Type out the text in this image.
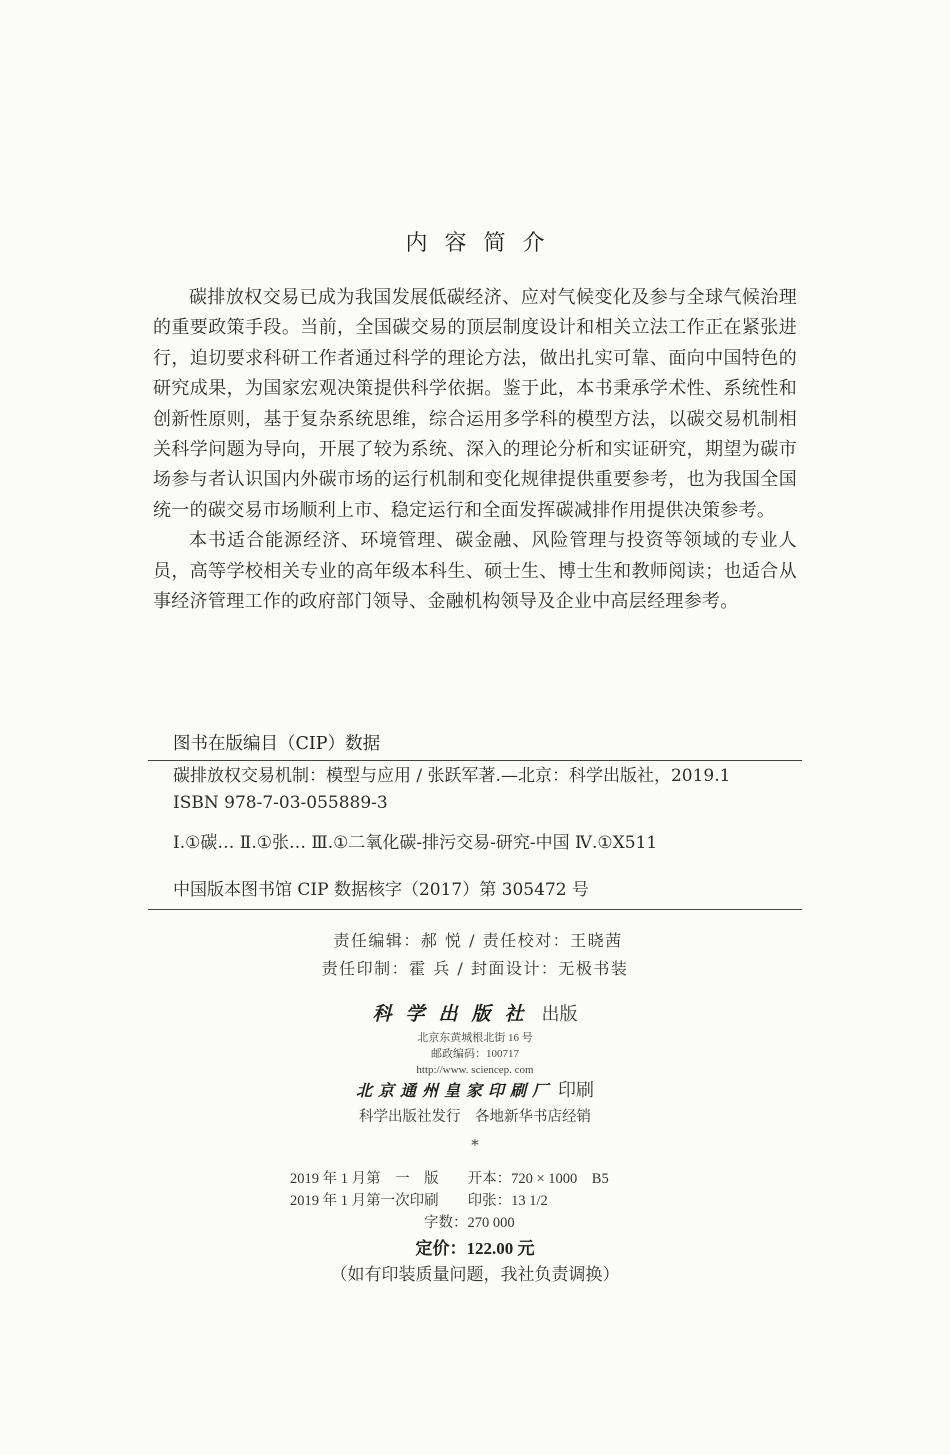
内容简介

碳排放权交易已成为我国发展低碳经济、应对气候变化及参与全球气候治理的重要政策手段。当前，全国碳交易的顶层制度设计和相关立法工作正在紧张进行，迫切要求科研工作者通过科学的理论方法，做出扎实可靠、面向中国特色的研究成果，为国家宏观决策提供科学依据。鉴于此，本书秉承学术性、系统性和创新性原则，基于复杂系统思维，综合运用多学科的模型方法，以碳交易机制相关科学问题为导向，开展了较为系统、深入的理论分析和实证研究，期望为碳市场参与者认识国内外碳市场的运行机制和变化规律提供重要参考，也为我国全国统一的碳交易市场顺利上市、稳定运行和全面发挥碳减排作用提供决策参考。

本书适合能源经济、环境管理、碳金融、风险管理与投资等领域的专业人员，高等学校相关专业的高年级本科生、硕士生、博士生和教师阅读；也适合从事经济管理工作的政府部门领导、金融机构领导及企业中高层经理参考。

图书在版编目（CIP）数据
碳排放权交易机制：模型与应用 / 张跃军著.—北京：科学出版社，2019.1
ISBN 978-7-03-055889-3
Ⅰ.①碳… Ⅱ.①张… Ⅲ.①二氧化碳-排污交易-研究-中国 Ⅳ.①X511
中国版本图书馆 CIP 数据核字（2017）第 305472 号
责任编辑：郝 悦 / 责任校对：王晓茜
责任印制：霍 兵 / 封面设计：无极书装
科学出版社 出版
北京东黄城根北街 16 号
邮政编码：100717
http://www. sciencep. com
北京通州皇家印刷厂 印刷
科学出版社发行　各地新华书店经销
*
2019 年 1 月第　一　版　　开本：720 × 1000　B5
2019 年 1 月第一次印刷　　印张：13 1/2
字数：270 000
定价：122.00 元
（如有印装质量问题，我社负责调换）
